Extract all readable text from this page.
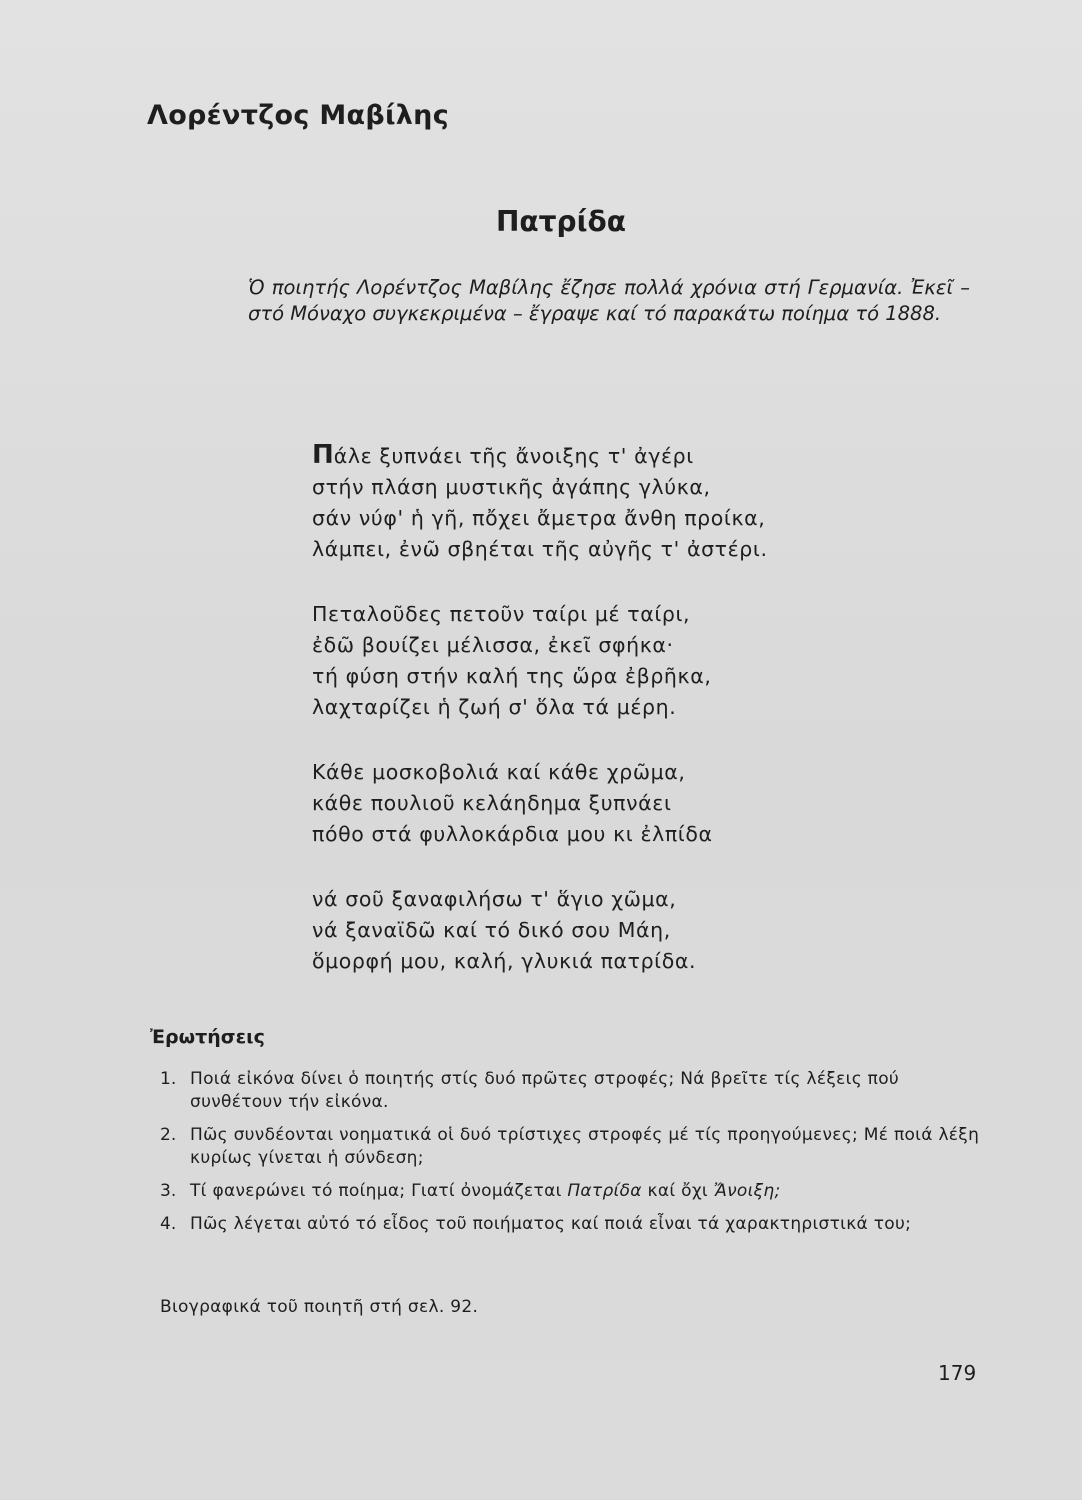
Λορέντζος Μαβίλης
Πατρίδα
Ὁ ποιητής Λορέντζος Μαβίλης ἔζησε πολλά χρόνια στή Γερμανία. Ἐκεῖ – στό Μόναχο συγκεκριμένα – ἔγραψε καί τό παρακάτω ποίημα τό 1888.
Πάλε ξυπνάει τῆς ἄνοιξης τ' ἀγέρι
στήν πλάση μυστικῆς ἀγάπης γλύκα,
σάν νύφ' ἡ γῆ, πὄχει ἄμετρα ἄνθη προίκα,
λάμπει, ἐνῶ σβηέται τῆς αὐγῆς τ' ἀστέρι.
Πεταλοῦδες πετοῦν ταίρι μέ ταίρι,
ἐδῶ βουίζει μέλισσα, ἐκεῖ σφήκα·
τή φύση στήν καλή της ὥρα ἐβρῆκα,
λαχταρίζει ἡ ζωή σ' ὅλα τά μέρη.
Κάθε μοσκοβολιά καί κάθε χρῶμα,
κάθε πουλιοῦ κελάηδημα ξυπνάει
πόθο στά φυλλοκάρδια μου κι ἐλπίδα
νά σοῦ ξαναφιλήσω τ' ἅγιο χῶμα,
νά ξαναϊδῶ καί τό δικό σου Μάη,
ὅμορφή μου, καλή, γλυκιά πατρίδα.
Ἐρωτήσεις
1. Ποιά εἰκόνα δίνει ὁ ποιητής στίς δυό πρῶτες στροφές; Νά βρεῖτε τίς λέξεις πού συνθέτουν τήν εἰκόνα.
2. Πῶς συνδέονται νοηματικά οἱ δυό τρίστιχες στροφές μέ τίς προηγούμενες; Μέ ποιά λέξη κυρίως γίνεται ἡ σύνδεση;
3. Τί φανερώνει τό ποίημα; Γιατί ὀνομάζεται Πατρίδα καί ὄχι Ἄνοιξη;
4. Πῶς λέγεται αὐτό τό εἶδος τοῦ ποιήματος καί ποιά εἶναι τά χαρακτηριστικά του;
Βιογραφικά τοῦ ποιητῆ στή σελ. 92.
179
